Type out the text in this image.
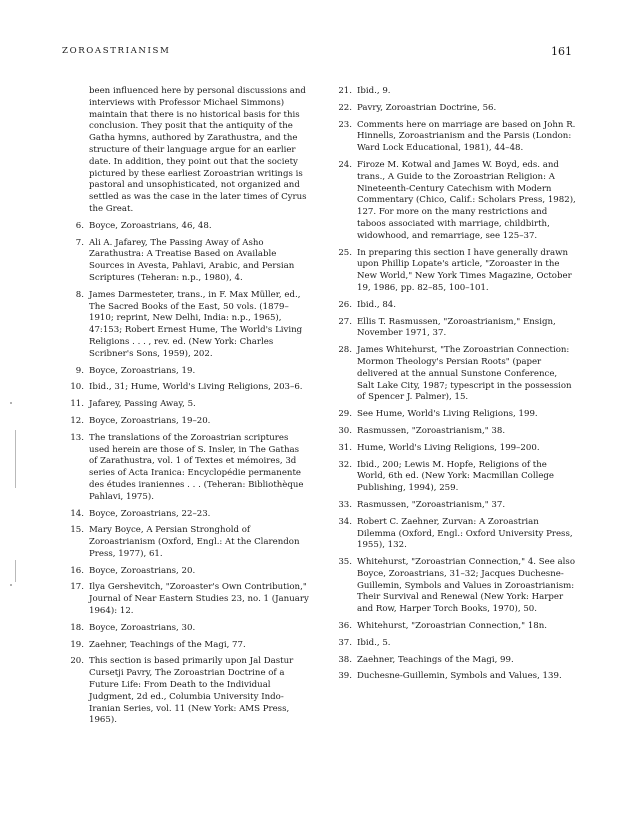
ZOROASTRIANISM	161
been influenced here by personal discussions and interviews with Professor Michael Simmons) maintain that there is no historical basis for this conclusion. They posit that the antiquity of the Gatha hymns, authored by Zarathustra, and the structure of their language argue for an earlier date. In addition, they point out that the society pictured by these earliest Zoroastrian writings is pastoral and unsophisticated, not organized and settled as was the case in the later times of Cyrus the Great.
6. Boyce, Zoroastrians, 46, 48.
7. Ali A. Jafarey, The Passing Away of Asho Zarathustra: A Treatise Based on Available Sources in Avesta, Pahlavi, Arabic, and Persian Scriptures (Teheran: n.p., 1980), 4.
8. James Darmesteter, trans., in F. Max Müller, ed., The Sacred Books of the East, 50 vols. (1879–1910; reprint, New Delhi, India: n.p., 1965), 47:153; Robert Ernest Hume, The World's Living Religions . . . , rev. ed. (New York: Charles Scribner's Sons, 1959), 202.
9. Boyce, Zoroastrians, 19.
10. Ibid., 31; Hume, World's Living Religions, 203–6.
11. Jafarey, Passing Away, 5.
12. Boyce, Zoroastrians, 19–20.
13. The translations of the Zoroastrian scriptures used herein are those of S. Insler, in The Gathas of Zarathustra, vol. 1 of Textes et mémoires, 3d series of Acta Iranica: Encyclopédie permanente des études iraniennes . . . (Teheran: Bibliothèque Pahlavi, 1975).
14. Boyce, Zoroastrians, 22–23.
15. Mary Boyce, A Persian Stronghold of Zoroastrianism (Oxford, Engl.: At the Clarendon Press, 1977), 61.
16. Boyce, Zoroastrians, 20.
17. Ilya Gershevitch, "Zoroaster's Own Contribution," Journal of Near Eastern Studies 23, no. 1 (January 1964): 12.
18. Boyce, Zoroastrians, 30.
19. Zaehner, Teachings of the Magi, 77.
20. This section is based primarily upon Jal Dastur Cursetji Pavry, The Zoroastrian Doctrine of a Future Life: From Death to the Individual Judgment, 2d ed., Columbia University Indo-Iranian Series, vol. 11 (New York: AMS Press, 1965).
21. Ibid., 9.
22. Pavry, Zoroastrian Doctrine, 56.
23. Comments here on marriage are based on John R. Hinnells, Zoroastrianism and the Parsis (London: Ward Lock Educational, 1981), 44–48.
24. Firoze M. Kotwal and James W. Boyd, eds. and trans., A Guide to the Zoroastrian Religion: A Nineteenth-Century Catechism with Modern Commentary (Chico, Calif.: Scholars Press, 1982), 127. For more on the many restrictions and taboos associated with marriage, childbirth, widowhood, and remarriage, see 125–37.
25. In preparing this section I have generally drawn upon Phillip Lopate's article, "Zoroaster in the New World," New York Times Magazine, October 19, 1986, pp. 82–85, 100–101.
26. Ibid., 84.
27. Ellis T. Rasmussen, "Zoroastrianism," Ensign, November 1971, 37.
28. James Whitehurst, "The Zoroastrian Connection: Mormon Theology's Persian Roots" (paper delivered at the annual Sunstone Conference, Salt Lake City, 1987; typescript in the possession of Spencer J. Palmer), 15.
29. See Hume, World's Living Religions, 199.
30. Rasmussen, "Zoroastrianism," 38.
31. Hume, World's Living Religions, 199–200.
32. Ibid., 200; Lewis M. Hopfe, Religions of the World, 6th ed. (New York: Macmillan College Publishing, 1994), 259.
33. Rasmussen, "Zoroastrianism," 37.
34. Robert C. Zaehner, Zurvan: A Zoroastrian Dilemma (Oxford, Engl.: Oxford University Press, 1955), 132.
35. Whitehurst, "Zoroastrian Connection," 4. See also Boyce, Zoroastrians, 31–32; Jacques Duchesne-Guillemin, Symbols and Values in Zoroastrianism: Their Survival and Renewal (New York: Harper and Row, Harper Torch Books, 1970), 50.
36. Whitehurst, "Zoroastrian Connection," 18n.
37. Ibid., 5.
38. Zaehner, Teachings of the Magi, 99.
39. Duchesne-Guillemin, Symbols and Values, 139.
